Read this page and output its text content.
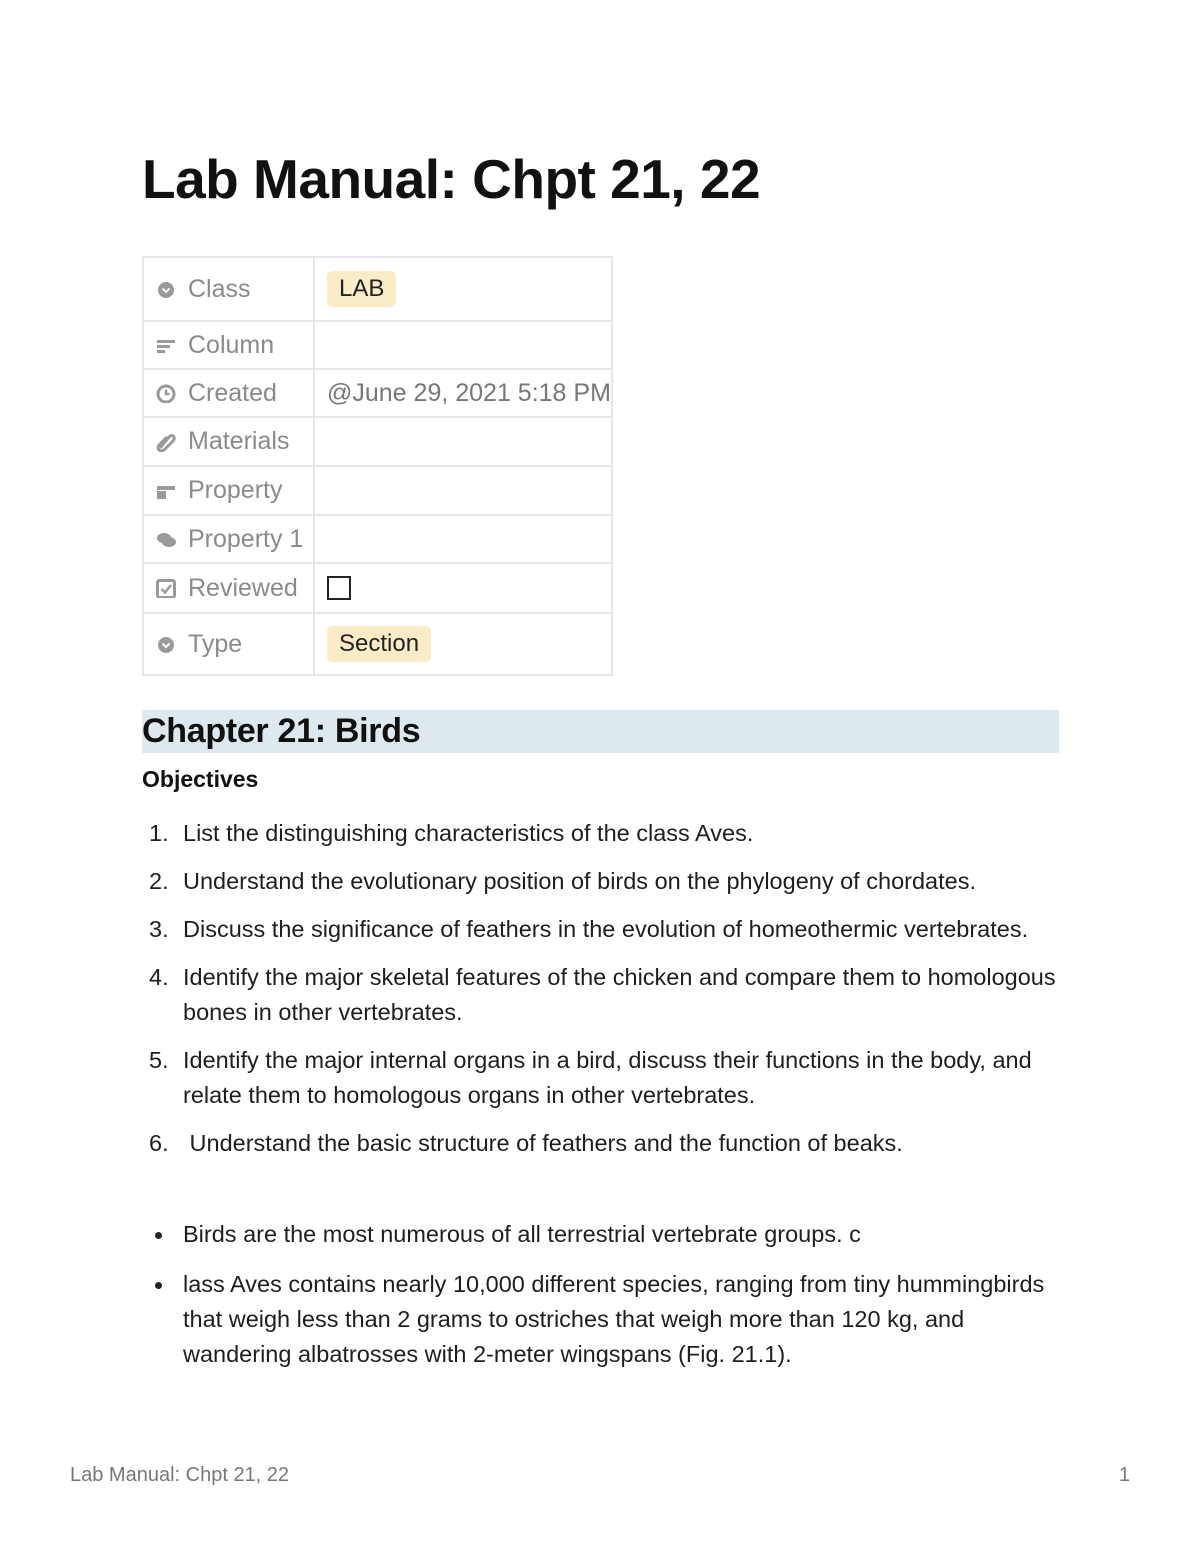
Lab Manual: Chpt 21, 22
Class	LAB

Column	

Created	@June 29, 2021 5:18 PM

Materials	

Property	

Property 1	

Reviewed	

Type	Section
Chapter 21: Birds
Objectives
1. List the distinguishing characteristics of the class Aves.
2. Understand the evolutionary position of birds on the phylogeny of chordates.
3. Discuss the significance of feathers in the evolution of homeothermic vertebrates.
4. Identify the major skeletal features of the chicken and compare them to homologous bones in other vertebrates.
5. Identify the major internal organs in a bird, discuss their functions in the body, and relate them to homologous organs in other vertebrates.
6. Understand the basic structure of feathers and the function of beaks.
Birds are the most numerous of all terrestrial vertebrate groups. c
lass Aves contains nearly 10,000 different species, ranging from tiny hummingbirds that weigh less than 2 grams to ostriches that weigh more than 120 kg, and wandering albatrosses with 2-meter wingspans (Fig. 21.1).
Lab Manual: Chpt 21, 22	1
